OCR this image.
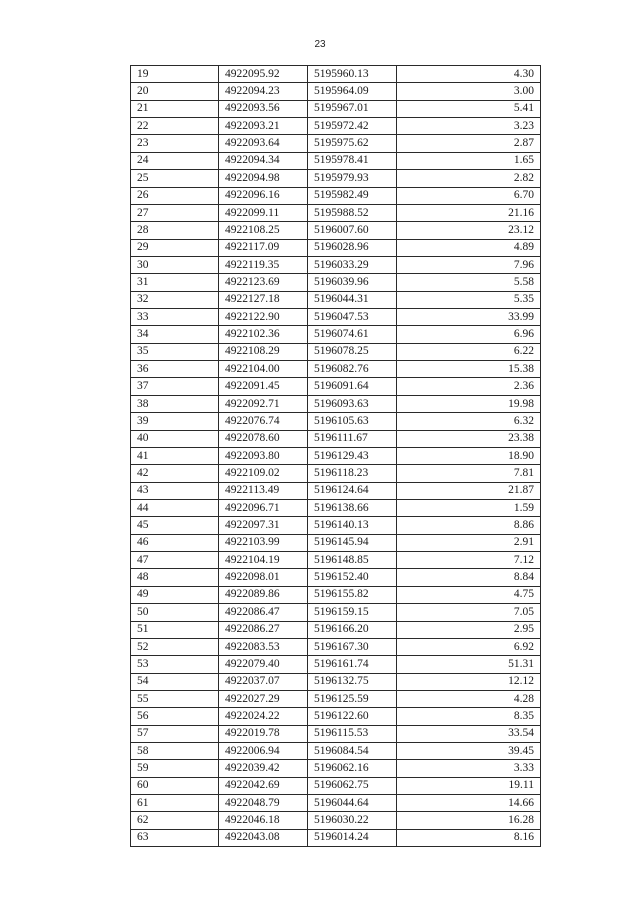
23
19	4922095.92	5195960.13	4.30
20	4922094.23	5195964.09	3.00
21	4922093.56	5195967.01	5.41
22	4922093.21	5195972.42	3.23
23	4922093.64	5195975.62	2.87
24	4922094.34	5195978.41	1.65
25	4922094.98	5195979.93	2.82
26	4922096.16	5195982.49	6.70
27	4922099.11	5195988.52	21.16
28	4922108.25	5196007.60	23.12
29	4922117.09	5196028.96	4.89
30	4922119.35	5196033.29	7.96
31	4922123.69	5196039.96	5.58
32	4922127.18	5196044.31	5.35
33	4922122.90	5196047.53	33.99
34	4922102.36	5196074.61	6.96
35	4922108.29	5196078.25	6.22
36	4922104.00	5196082.76	15.38
37	4922091.45	5196091.64	2.36
38	4922092.71	5196093.63	19.98
39	4922076.74	5196105.63	6.32
40	4922078.60	5196111.67	23.38
41	4922093.80	5196129.43	18.90
42	4922109.02	5196118.23	7.81
43	4922113.49	5196124.64	21.87
44	4922096.71	5196138.66	1.59
45	4922097.31	5196140.13	8.86
46	4922103.99	5196145.94	2.91
47	4922104.19	5196148.85	7.12
48	4922098.01	5196152.40	8.84
49	4922089.86	5196155.82	4.75
50	4922086.47	5196159.15	7.05
51	4922086.27	5196166.20	2.95
52	4922083.53	5196167.30	6.92
53	4922079.40	5196161.74	51.31
54	4922037.07	5196132.75	12.12
55	4922027.29	5196125.59	4.28
56	4922024.22	5196122.60	8.35
57	4922019.78	5196115.53	33.54
58	4922006.94	5196084.54	39.45
59	4922039.42	5196062.16	3.33
60	4922042.69	5196062.75	19.11
61	4922048.79	5196044.64	14.66
62	4922046.18	5196030.22	16.28
63	4922043.08	5196014.24	8.16
